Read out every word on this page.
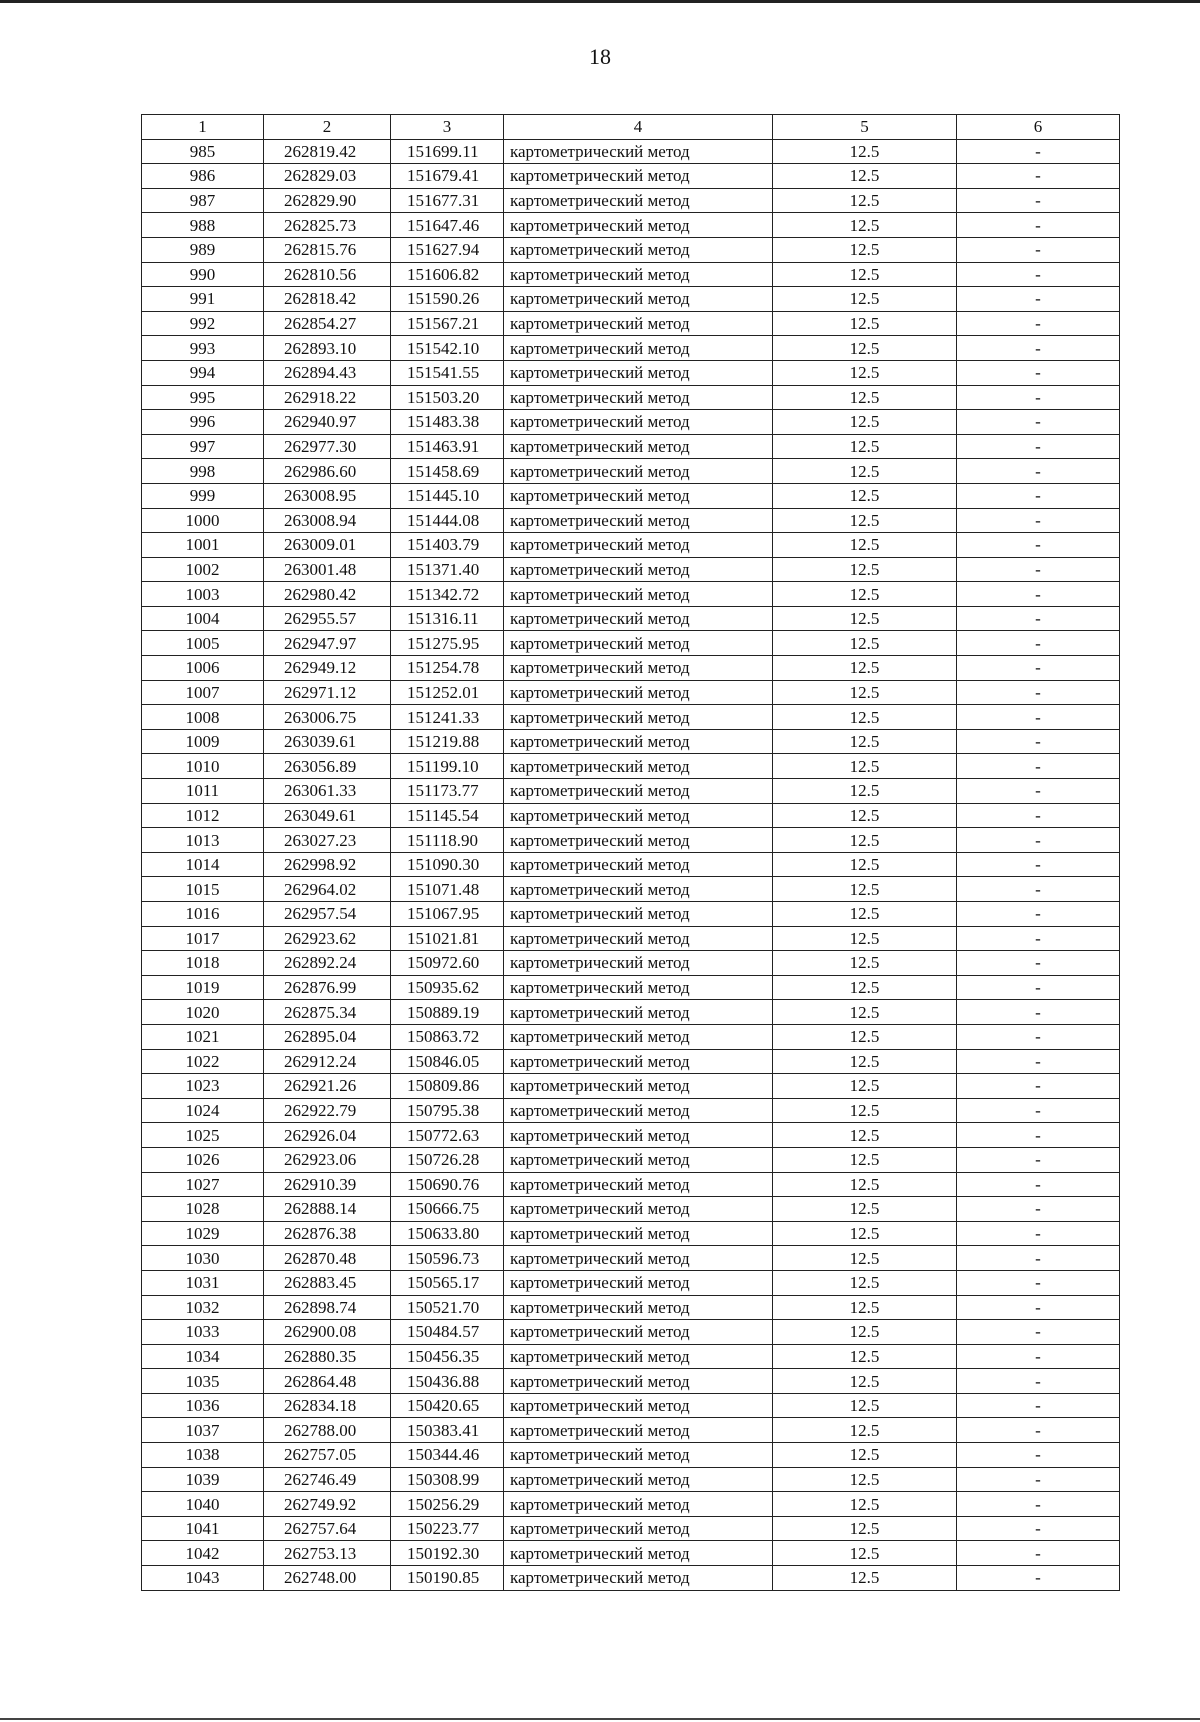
18
1	2	3	4	5	6
985	262819.42	151699.11	картометрический метод	12.5	-
986	262829.03	151679.41	картометрический метод	12.5	-
987	262829.90	151677.31	картометрический метод	12.5	-
988	262825.73	151647.46	картометрический метод	12.5	-
989	262815.76	151627.94	картометрический метод	12.5	-
990	262810.56	151606.82	картометрический метод	12.5	-
991	262818.42	151590.26	картометрический метод	12.5	-
992	262854.27	151567.21	картометрический метод	12.5	-
993	262893.10	151542.10	картометрический метод	12.5	-
994	262894.43	151541.55	картометрический метод	12.5	-
995	262918.22	151503.20	картометрический метод	12.5	-
996	262940.97	151483.38	картометрический метод	12.5	-
997	262977.30	151463.91	картометрический метод	12.5	-
998	262986.60	151458.69	картометрический метод	12.5	-
999	263008.95	151445.10	картометрический метод	12.5	-
1000	263008.94	151444.08	картометрический метод	12.5	-
1001	263009.01	151403.79	картометрический метод	12.5	-
1002	263001.48	151371.40	картометрический метод	12.5	-
1003	262980.42	151342.72	картометрический метод	12.5	-
1004	262955.57	151316.11	картометрический метод	12.5	-
1005	262947.97	151275.95	картометрический метод	12.5	-
1006	262949.12	151254.78	картометрический метод	12.5	-
1007	262971.12	151252.01	картометрический метод	12.5	-
1008	263006.75	151241.33	картометрический метод	12.5	-
1009	263039.61	151219.88	картометрический метод	12.5	-
1010	263056.89	151199.10	картометрический метод	12.5	-
1011	263061.33	151173.77	картометрический метод	12.5	-
1012	263049.61	151145.54	картометрический метод	12.5	-
1013	263027.23	151118.90	картометрический метод	12.5	-
1014	262998.92	151090.30	картометрический метод	12.5	-
1015	262964.02	151071.48	картометрический метод	12.5	-
1016	262957.54	151067.95	картометрический метод	12.5	-
1017	262923.62	151021.81	картометрический метод	12.5	-
1018	262892.24	150972.60	картометрический метод	12.5	-
1019	262876.99	150935.62	картометрический метод	12.5	-
1020	262875.34	150889.19	картометрический метод	12.5	-
1021	262895.04	150863.72	картометрический метод	12.5	-
1022	262912.24	150846.05	картометрический метод	12.5	-
1023	262921.26	150809.86	картометрический метод	12.5	-
1024	262922.79	150795.38	картометрический метод	12.5	-
1025	262926.04	150772.63	картометрический метод	12.5	-
1026	262923.06	150726.28	картометрический метод	12.5	-
1027	262910.39	150690.76	картометрический метод	12.5	-
1028	262888.14	150666.75	картометрический метод	12.5	-
1029	262876.38	150633.80	картометрический метод	12.5	-
1030	262870.48	150596.73	картометрический метод	12.5	-
1031	262883.45	150565.17	картометрический метод	12.5	-
1032	262898.74	150521.70	картометрический метод	12.5	-
1033	262900.08	150484.57	картометрический метод	12.5	-
1034	262880.35	150456.35	картометрический метод	12.5	-
1035	262864.48	150436.88	картометрический метод	12.5	-
1036	262834.18	150420.65	картометрический метод	12.5	-
1037	262788.00	150383.41	картометрический метод	12.5	-
1038	262757.05	150344.46	картометрический метод	12.5	-
1039	262746.49	150308.99	картометрический метод	12.5	-
1040	262749.92	150256.29	картометрический метод	12.5	-
1041	262757.64	150223.77	картометрический метод	12.5	-
1042	262753.13	150192.30	картометрический метод	12.5	-
1043	262748.00	150190.85	картометрический метод	12.5	-
